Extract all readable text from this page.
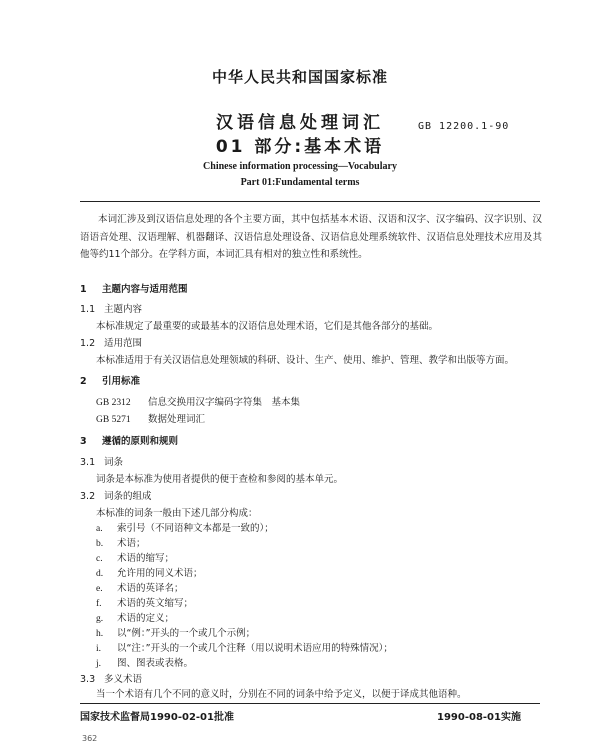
中华人民共和国国家标准
汉语信息处理词汇
01 部分:基本术语
GB 12200.1-90
Chinese information processing—Vocabulary
Part 01:Fundamental terms
本词汇涉及到汉语信息处理的各个主要方面，其中包括基本术语、汉语和汉字、汉字编码、汉字识别、汉语语音处理、汉语理解、机器翻译、汉语信息处理设备、汉语信息处理系统软件、汉语信息处理技术应用及其他等约11个部分。在学科方面，本词汇具有相对的独立性和系统性。
1 主题内容与适用范围
1.1 主题内容
本标准规定了最重要的或最基本的汉语信息处理术语，它们是其他各部分的基础。
1.2 适用范围
本标准适用于有关汉语信息处理领域的科研、设计、生产、使用、维护、管理、教学和出版等方面。
2 引用标准
GB 2312 信息交换用汉字编码字符集　基本集
GB 5271 数据处理词汇
3 遵循的原则和规则
3.1 词条
词条是本标准为使用者提供的便于查检和参阅的基本单元。
3.2 词条的组成
本标准的词条一般由下述几部分构成：
a. 索引号（不同语种文本都是一致的）；
b. 术语；
c. 术语的缩写；
d. 允许用的同义术语；
e. 术语的英译名；
f. 术语的英文缩写；
g. 术语的定义；
h. 以“例：”开头的一个或几个示例；
i. 以“注：”开头的一个或几个注释（用以说明术语应用的特殊情况）；
j. 图、图表或表格。
3.3 多义术语
国家技术监督局1990-02-01批准	1990-08-01实施
362
当一个术语有几个不同的意义时，分别在不同的词条中给予定义，以便于译成其他语种。
